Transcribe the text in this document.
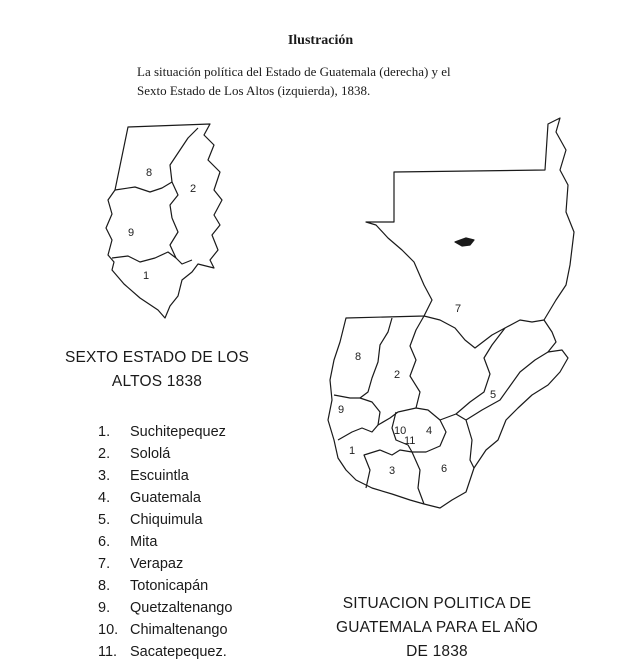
Ilustración
La situación política del Estado de Guatemala (derecha) y el
Sexto Estado de Los Altos (izquierda), 1838.
8
2
9
1
7
8
2
9
10
11
4
1
3	6
5
SEXTO ESTADO DE LOS
ALTOS 1838
1. Suchitepequez
2. Sololá
3. Escuintla
4. Guatemala
5. Chiquimula
6. Mita
7. Verapaz
8. Totonicapán
9. Quetzaltenango
10. Chimaltenango
11. Sacatepequez.
SITUACION POLITICA DE
GUATEMALA PARA EL AÑO
DE 1838
